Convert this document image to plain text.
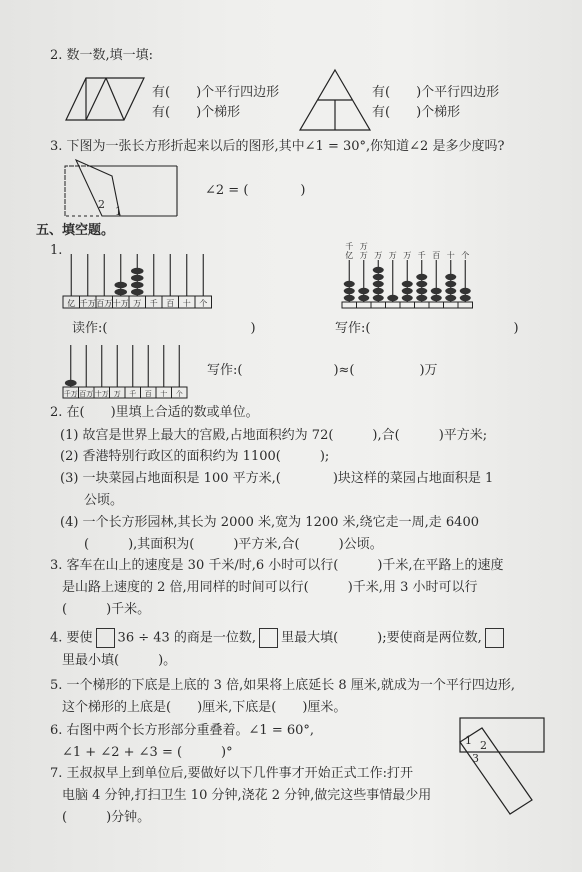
2. 数一数,填一填:
有(　　)个平行四边形
有(　　)个梯形
有(　　)个平行四边形
有(　　)个梯形
3. 下图为一张长方形折起来以后的图形,其中∠1 = 30°,你知道∠2 是多少度吗?
2
1
∠2 = (　　　　)
五、填空题。
1.
亿 千万 百万 十万 万 千 百 十 个
千
亿
万
万 万 万 万 千 百 十 个
读作:(　　　　　　　　　　　)	写作:(　　　　　　　　　　　)
千万 百万 十万 万 千 百 十 个
写作:(　　　　　　　)≈(　　　　　)万
2. 在(　　)里填上合适的数或单位。
(1) 故宫是世界上最大的宫殿,占地面积约为 72(　　　),合(　　　)平方米;
(2) 香港特别行政区的面积约为 1100(　　　);
(3) 一块菜园占地面积是 100 平方米,(　　　　)块这样的菜园占地面积是 1
公顷。
(4) 一个长方形园林,其长为 2000 米,宽为 1200 米,绕它走一周,走 6400
(　　　),其面积为(　　　)平方米,合(　　　)公顷。
3. 客车在山上的速度是 30 千米/时,6 小时可以行(　　　)千米,在平路上的速度
是山路上速度的 2 倍,用同样的时间可以行(　　　)千米,用 3 小时可以行
(　　　)千米。
4. 要使 36 ÷ 43 的商是一位数, 里最大填(　　　);要使商是两位数,
里最小填(　　　)。
5. 一个梯形的下底是上底的 3 倍,如果将上底延长 8 厘米,就成为一个平行四边形,
这个梯形的上底是(　　)厘米,下底是(　　)厘米。
6. 右图中两个长方形部分重叠着。∠1 = 60°,
∠1 + ∠2 + ∠3 = (　　　)°
1 2
3
7. 王叔叔早上到单位后,要做好以下几件事才开始正式工作:打开
电脑 4 分钟,打扫卫生 10 分钟,浇花 2 分钟,做完这些事情最少用
(　　　)分钟。
